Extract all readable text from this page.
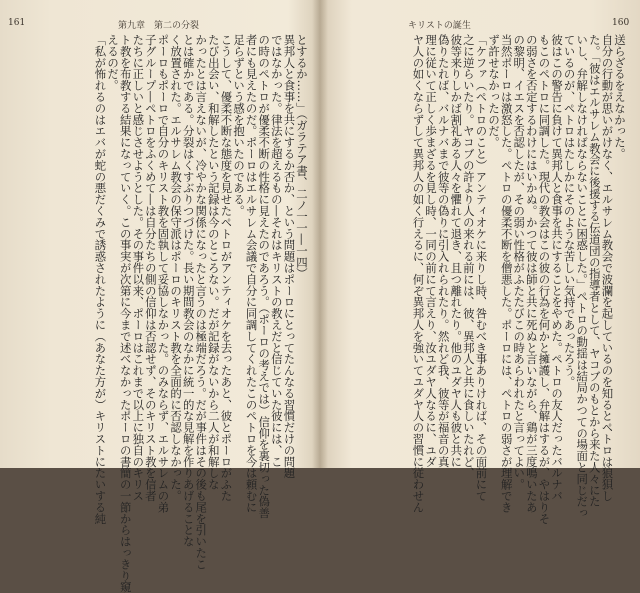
161	第九章　第二の分裂
とするか……」（ガラテア書、二ノ一一―一四）
異邦人と食事を共にするか否か、という問題はポーロにとってたんなる習慣だけの問題
ではなかった。律法を超えるもの―それはキリストの教えだと信じていた彼には、こ
の時のペトロが優柔不断の性格に見えたのであろう。（ポーロの考えでは）信仰を裏切った偽善
者にも見えたのだ。ポーロはエルサレム会議で自分に同調してくれたこのペトロを今は頼むに
足らずという感を抱いたのである。
こうして、優柔不断な態度を見せたペトロがアンティオケを去ったあと、彼とポーロがふた
たび出会い、和解したという記録は今のところない。だが記録がないから二人が和解しな
かったとは言えないが、冷やかな関係になったと言うのは極端だろう。だが事件はその後も尾を引いたこ
とは確かである。分裂はくすぶりつづけた。長い期間教会のなかに統一的な見解を作りあげることな
く放置された。エルサレム教会の保守派はポーロのキリスト教を全面的に否認しなかった。
ポーロもポーロで自分のキリスト教を固執して妥協しなかった。のみならず、エルサレムの弟
子グループ―ペトロをふくめて―は自分たちの側の信仰は否認せず、そのキリスト教を信者
たちに正しいと感じさせようとした。その事件以来、ポーロはこれまで以上に独自のキリス
ト教を布教する結果になっていく。この事実が次第に今まで述べなかったポーロの書簡の一節からはっきり窺
えるのだ。
「私が怖れるのはエバが蛇の悪だくみで誘惑されたように（あなた方が）キリストにたいする純
キリストの誕生	160
送らざるをえなかった。
自分の行動が思いがけなく、エルサレム教会で波瀾を起しているのを知るとペトロは狼狽し
た。「彼はエルサレム教会に後援する伝道団の指導者として、ヤコブのもとから来た人々にた
いし、弁解しなければならないことに困惑した。」ペトロの動揺は結局かつての場面と同じだっ
ているのが、ペトロはたしかにそのような苦しい気持であったろう。
彼はこの警告に負けて異邦人と食事を共にすることをやめた。ペトロの友人だったバルナバ
もこのペトロに同調した。現代の教会はこの彼の行為を何かと擁護し、弁解はするが、やはりそ
の弱さを否定するわけにはいかぬ。かつて彼は師と共に死ぬと言いながら、鶏が三度鳴いたあ
の黎明、イエスを否認したが、その弱い性格がふたたびこの時あらわれたと言ってよい。
当然ポーロは激怒した。ペトロの優柔不断を僧悪した。ポーロには、ペトロの弱さが理解でき
ず許せなかったのだ。
「ケファ（ペトロのこと）アンティオケに来りし時、咎むべき事ありければ、その面前にて
之に逆らいたり。ヤコブの許より人の来れる前には、彼、異邦人と共に食しいたれど、
彼等来りしかば割礼ある人々を懼れて退き、且つ離れたり。他のユダヤ人も彼と共に
偽りたれば、バルナバまで彼等の偽りに引入れられたり。然れど我、彼等が福音の真
理に従いて正しく歩まざるを見し時、一同の前にて言えり、汝ユダヤ人なるに、ユダ
ヤ人の如くならずして異邦人の如く行えるに、何ぞ異邦人を強いてユダヤ人の習慣に従わせん
